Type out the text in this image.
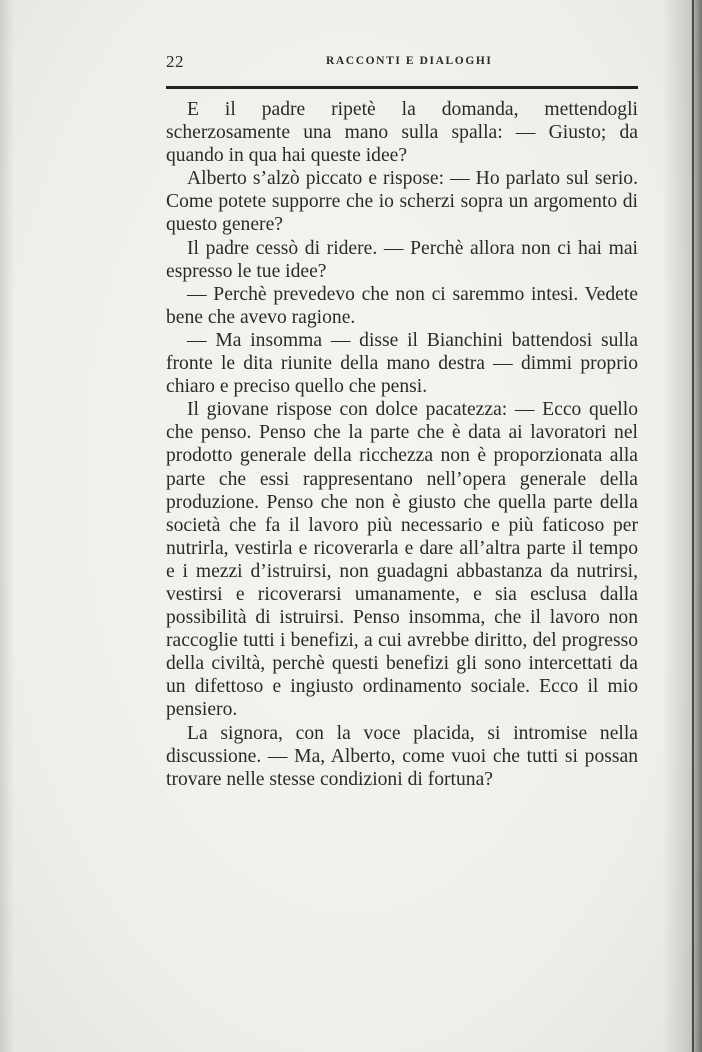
22	RACCONTI E DIALOGHI

E il padre ripetè la domanda, mettendogli scherzosamente una mano sulla spalla: — Giusto; da quando in qua hai queste idee?

Alberto s’alzò piccato e rispose: — Ho parlato sul serio. Come potete supporre che io scherzi sopra un argomento di questo genere?

Il padre cessò di ridere. — Perchè allora non ci hai mai espresso le tue idee?

— Perchè prevedevo che non ci saremmo intesi. Vedete bene che avevo ragione.

— Ma insomma — disse il Bianchini battendosi sulla fronte le dita riunite della mano destra — dimmi proprio chiaro e preciso quello che pensi.

Il giovane rispose con dolce pacatezza: — Ecco quello che penso. Penso che la parte che è data ai lavoratori nel prodotto generale della ricchezza non è proporzionata alla parte che essi rappresentano nell’opera generale della produzione. Penso che non è giusto che quella parte della società che fa il lavoro più necessario e più faticoso per nutrirla, vestirla e ricoverarla e dare all’altra parte il tempo e i mezzi d’istruirsi, non guadagni abbastanza da nutrirsi, vestirsi e ricoverarsi umanamente, e sia esclusa dalla possibilità di istruirsi. Penso insomma, che il lavoro non raccoglie tutti i benefizi, a cui avrebbe diritto, del progresso della civiltà, perchè questi benefizi gli sono intercettati da un difettoso e ingiusto ordinamento sociale. Ecco il mio pensiero.

La signora, con la voce placida, si intromise nella discussione. — Ma, Alberto, come vuoi che tutti si possan trovare nelle stesse condizioni di fortuna?
